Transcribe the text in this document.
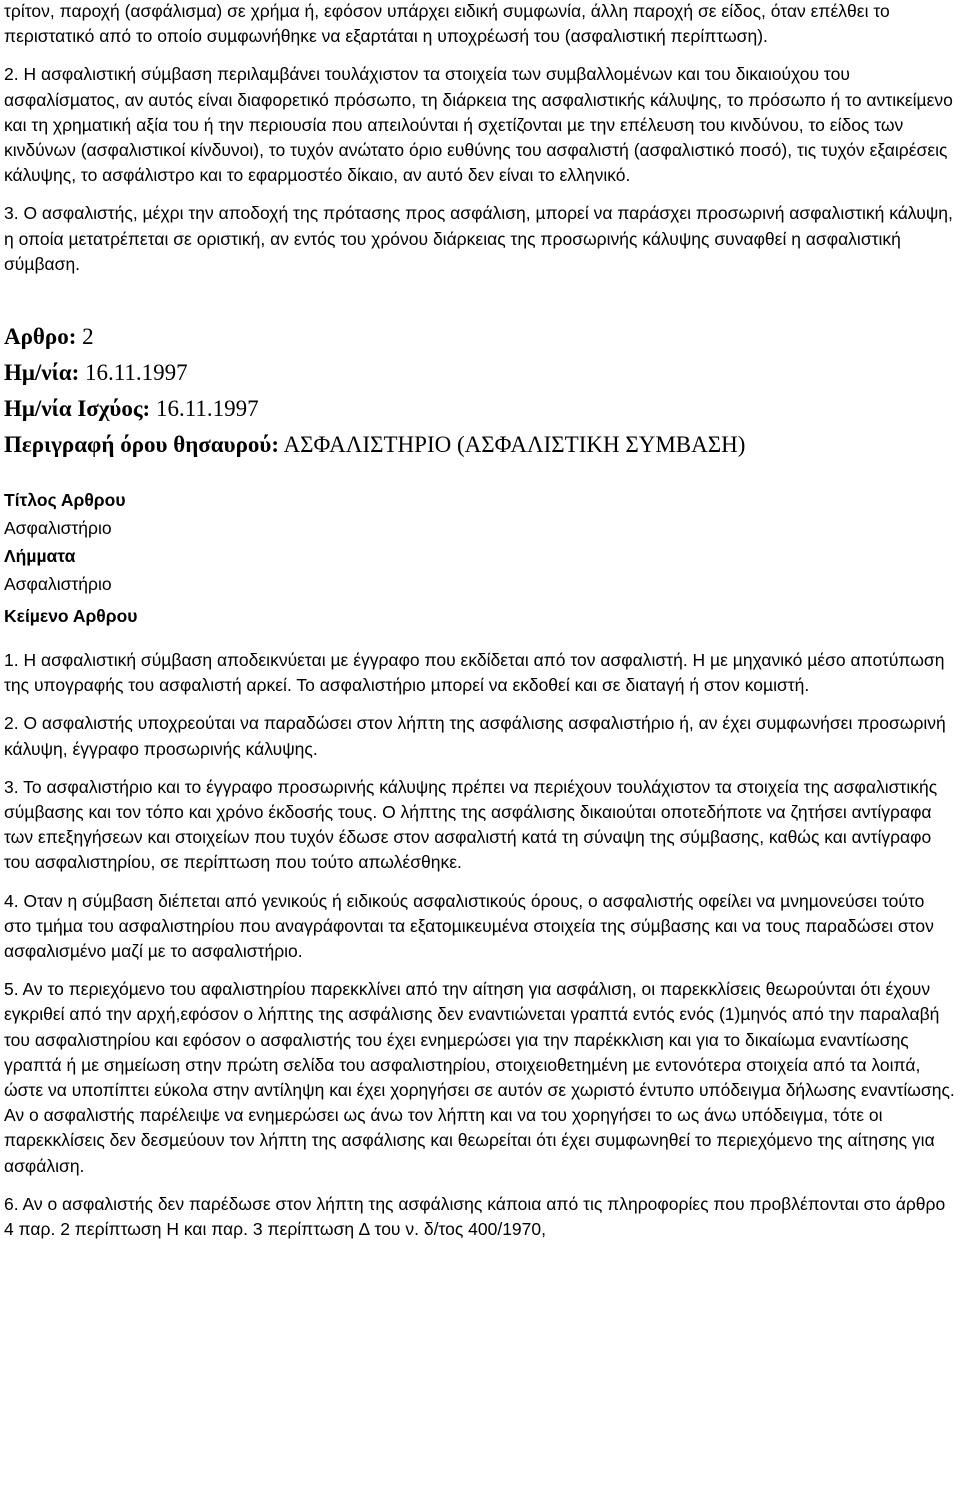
τρίτον, παροχή (ασφάλισµα) σε χρήµα ή, εφόσον υπάρχει ειδική συµφωνία, άλλη παροχή σε είδος, όταν επέλθει το περιστατικό από το οποίο συµφωνήθηκε να εξαρτάται η υποχρέωσή του (ασφαλιστική περίπτωση).

2. Η ασφαλιστική σύµβαση περιλαµβάνει τουλάχιστον τα στοιχεία των συµβαλλοµένων και του δικαιούχου του ασφαλίσµατος, αν αυτός είναι διαφορετικό πρόσωπο, τη διάρκεια της ασφαλιστικής κάλυψης, το πρόσωπο ή το αντικείµενο και τη χρηµατική αξία του ή την περιουσία που απειλούνται ή σχετίζονται µε την επέλευση του κινδύνου, το είδος των κινδύνων (ασφαλιστικοί κίνδυνοι), το τυχόν ανώτατο όριο ευθύνης του ασφαλιστή (ασφαλιστικό ποσό), τις τυχόν εξαιρέσεις κάλυψης, το ασφάλιστρο και το εφαρµοστέο δίκαιο, αν αυτό δεν είναι το ελληνικό.

3. Ο ασφαλιστής, µέχρι την αποδοχή της πρότασης προς ασφάλιση, µπορεί να παράσχει προσωρινή ασφαλιστική κάλυψη, η οποία µετατρέπεται σε οριστική, αν εντός του χρόνου διάρκειας της προσωρινής κάλυψης συναφθεί η ασφαλιστική σύµβαση.

Αρθρο: 2
Ημ/νία: 16.11.1997
Ημ/νία Ισχύος: 16.11.1997
Περιγραφή όρου θησαυρού: ΑΣΦΑΛΙΣΤΗΡΙΟ (ΑΣΦΑΛΙΣΤΙΚΗ ΣΥΜΒΑΣΗ)

Τίτλος Αρθρου

Ασφαλιστήριο

Λήµµατα

Ασφαλιστήριο

Κείµενο Αρθρου

1. Η ασφαλιστική σύµβαση αποδεικνύεται µε έγγραφο που εκδίδεται από τον ασφαλιστή. Η µε µηχανικό µέσο αποτύπωση της υπογραφής του ασφαλιστή αρκεί. Το ασφαλιστήριο µπορεί να εκδοθεί και σε διαταγή ή στον κοµιστή.

2. Ο ασφαλιστής υποχρεούται να παραδώσει στον λήπτη της ασφάλισης ασφαλιστήριο ή, αν έχει συµφωνήσει προσωρινή κάλυψη, έγγραφο προσωρινής κάλυψης.

3. Το ασφαλιστήριο και το έγγραφο προσωρινής κάλυψης πρέπει να περιέχουν τουλάχιστον τα στοιχεία της ασφαλιστικής σύµβασης και τον τόπο και χρόνο έκδοσής τους. Ο λήπτης της ασφάλισης δικαιούται οποτεδήποτε να ζητήσει αντίγραφα των επεξηγήσεων και στοιχείων που τυχόν έδωσε στον ασφαλιστή κατά τη σύναψη της σύµβασης, καθώς και αντίγραφο του ασφαλιστηρίου, σε περίπτωση που τούτο απωλέσθηκε.

4. Οταν η σύµβαση διέπεται από γενικούς ή ειδικούς ασφαλιστικούς όρους, ο ασφαλιστής οφείλει να µνηµονεύσει τούτο στο τµήµα του ασφαλιστηρίου που αναγράφονται τα εξατοµικευµένα στοιχεία της σύµβασης και να τους παραδώσει στον ασφαλισµένο µαζί µε το ασφαλιστήριο.

5. Αν το περιεχόµενο του αφαλιστηρίου παρεκκλίνει από την αίτηση για ασφάλιση, οι παρεκκλίσεις θεωρούνται ότι έχουν εγκριθεί από την αρχή,εφόσον ο λήπτης της ασφάλισης δεν εναντιώνεται γραπτά εντός ενός (1)µηνός από την παραλαβή του ασφαλιστηρίου και εφόσον ο ασφαλιστής του έχει ενηµερώσει για την παρέκκλιση και για το δικαίωµα εναντίωσης γραπτά ή µε σηµείωση στην πρώτη σελίδα του ασφαλιστηρίου, στοιχειοθετηµένη µε εντονότερα στοιχεία από τα λοιπά, ώστε να υποπίπτει εύκολα στην αντίληψη και έχει χορηγήσει σε αυτόν σε χωριστό έντυπο υπόδειγµα δήλωσης εναντίωσης. Αν ο ασφαλιστής παρέλειψε να ενηµερώσει ως άνω τον λήπτη και να του χορηγήσει το ως άνω υπόδειγµα, τότε οι παρεκκλίσεις δεν δεσµεύουν τον λήπτη της ασφάλισης και θεωρείται ότι έχει συµφωνηθεί το περιεχόµενο της αίτησης για ασφάλιση.

6. Αν ο ασφαλιστής δεν παρέδωσε στον λήπτη της ασφάλισης κάποια από τις πληροφορίες που προβλέπονται στο άρθρο 4 παρ. 2 περίπτωση Η και παρ. 3 περίπτωση ∆ του ν. δ/τος 400/1970,
